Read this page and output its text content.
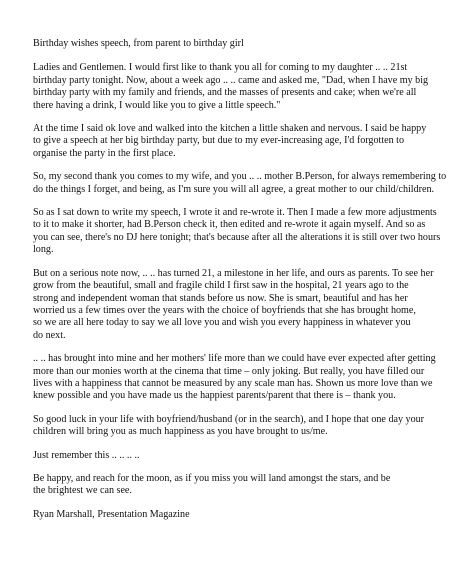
Birthday wishes speech, from parent to birthday girl

Ladies and Gentlemen. I would first like to thank you all for coming to my daughter .. .. 21st
birthday party tonight. Now, about a week ago .. .. came and asked me, "Dad, when I have my big
birthday party with my family and friends, and the masses of presents and cake; when we're all
there having a drink, I would like you to give a little speech."

At the time I said ok love and walked into the kitchen a little shaken and nervous. I said be happy
to give a speech at her big birthday party, but due to my ever-increasing age, I'd forgotten to
organise the party in the first place.

So, my second thank you comes to my wife, and you .. .. mother B.Person, for always remembering to
do the things I forget, and being, as I'm sure you will all agree, a great mother to our child/children.

So as I sat down to write my speech, I wrote it and re-wrote it. Then I made a few more adjustments
to it to make it shorter, had B.Person check it, then edited and re-wrote it again myself. And so as
you can see, there's no DJ here tonight; that's because after all the alterations it is still over two hours
long.

But on a serious note now, .. .. has turned 21, a milestone in her life, and ours as parents. To see her
grow from the beautiful, small and fragile child I first saw in the hospital, 21 years ago to the
strong and independent woman that stands before us now. She is smart, beautiful and has her
worried us a few times over the years with the choice of boyfriends that she has brought home,
so we are all here today to say we all love you and wish you every happiness in whatever you
do next.

.. .. has brought into mine and her mothers' life more than we could have ever expected after getting
more than our monies worth at the cinema that time – only joking. But really, you have filled our
lives with a happiness that cannot be measured by any scale man has. Shown us more love than we
knew possible and you have made us the happiest parents/parent that there is – thank you.

So good luck in your life with boyfriend/husband (or in the search), and I hope that one day your
children will bring you as much happiness as you have brought to us/me.

Just remember this .. .. .. ..

Be happy, and reach for the moon, as if you miss you will land amongst the stars, and be
the brightest we can see.

Ryan Marshall, Presentation Magazine
